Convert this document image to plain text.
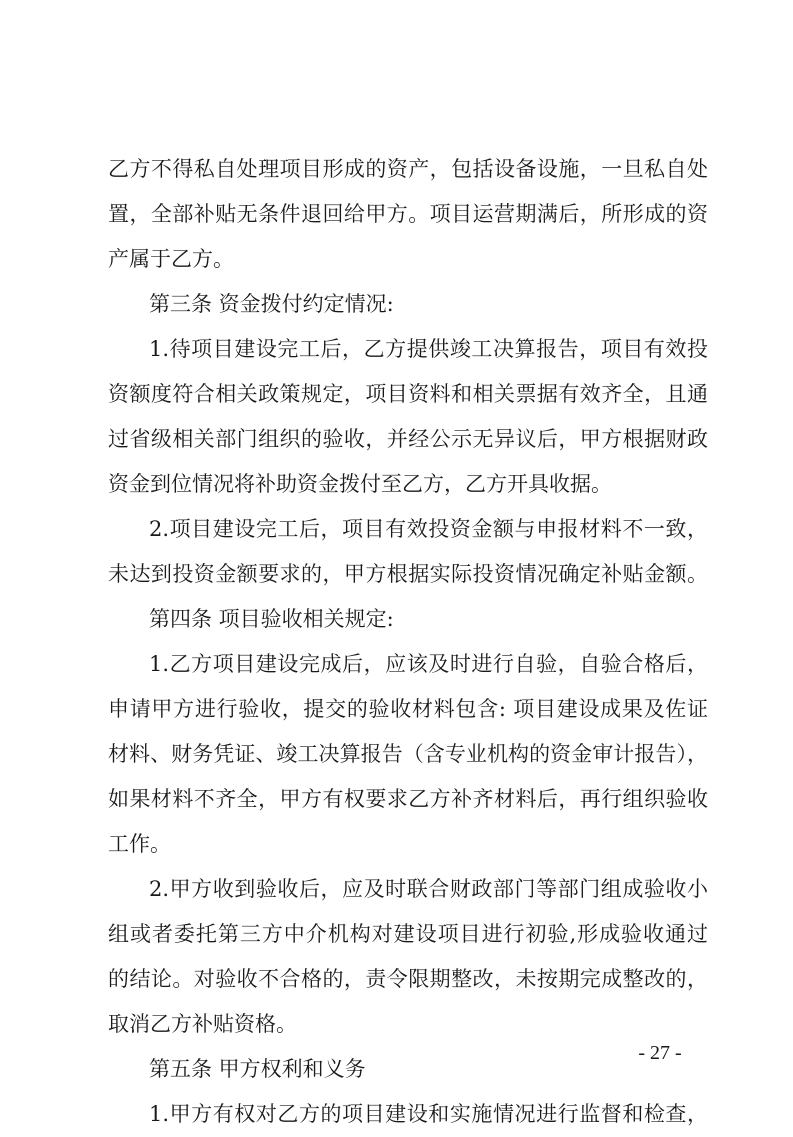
乙方不得私自处理项目形成的资产，包括设备设施，一旦私自处
置，全部补贴无条件退回给甲方。项目运营期满后，所形成的资
产属于乙方。
第三条 资金拨付约定情况:
1.待项目建设完工后，乙方提供竣工决算报告，项目有效投
资额度符合相关政策规定，项目资料和相关票据有效齐全，且通
过省级相关部门组织的验收，并经公示无异议后，甲方根据财政
资金到位情况将补助资金拨付至乙方，乙方开具收据。
2.项目建设完工后，项目有效投资金额与申报材料不一致，
未达到投资金额要求的，甲方根据实际投资情况确定补贴金额。
第四条 项目验收相关规定:
1.乙方项目建设完成后，应该及时进行自验，自验合格后，
申请甲方进行验收，提交的验收材料包含: 项目建设成果及佐证
材料、财务凭证、竣工决算报告（含专业机构的资金审计报告），
如果材料不齐全，甲方有权要求乙方补齐材料后，再行组织验收
工作。
2.甲方收到验收后，应及时联合财政部门等部门组成验收小
组或者委托第三方中介机构对建设项目进行初验,形成验收通过
的结论。对验收不合格的，责令限期整改，未按期完成整改的，
取消乙方补贴资格。
第五条 甲方权利和义务
1.甲方有权对乙方的项目建设和实施情况进行监督和检查，
- 27 -
